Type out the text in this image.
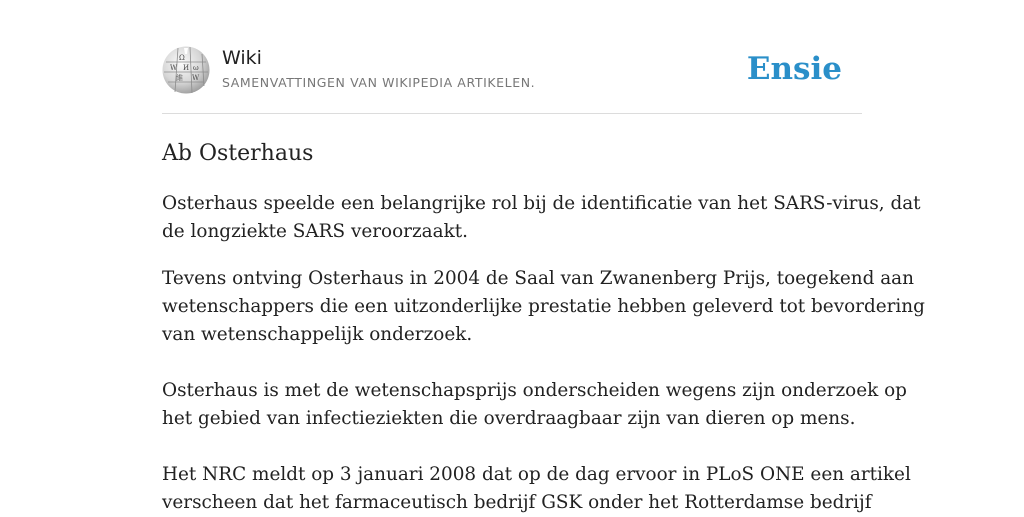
Ω
W И ω
維 W
Wiki
SAMENVATTINGEN VAN WIKIPEDIA ARTIKELEN.	Ensie
Ab Osterhaus

Osterhaus speelde een belangrijke rol bij de identificatie van het SARS-virus, dat
de longziekte SARS veroorzaakt.

Tevens ontving Osterhaus in 2004 de Saal van Zwanenberg Prijs, toegekend aan
wetenschappers die een uitzonderlijke prestatie hebben geleverd tot bevordering
van wetenschappelijk onderzoek.

Osterhaus is met de wetenschapsprijs onderscheiden wegens zijn onderzoek op
het gebied van infectieziekten die overdraagbaar zijn van dieren op mens.

Het NRC meldt op 3 januari 2008 dat op de dag ervoor in PLoS ONE een artikel
verscheen dat het farmaceutisch bedrijf GSK onder het Rotterdamse bedrijf
